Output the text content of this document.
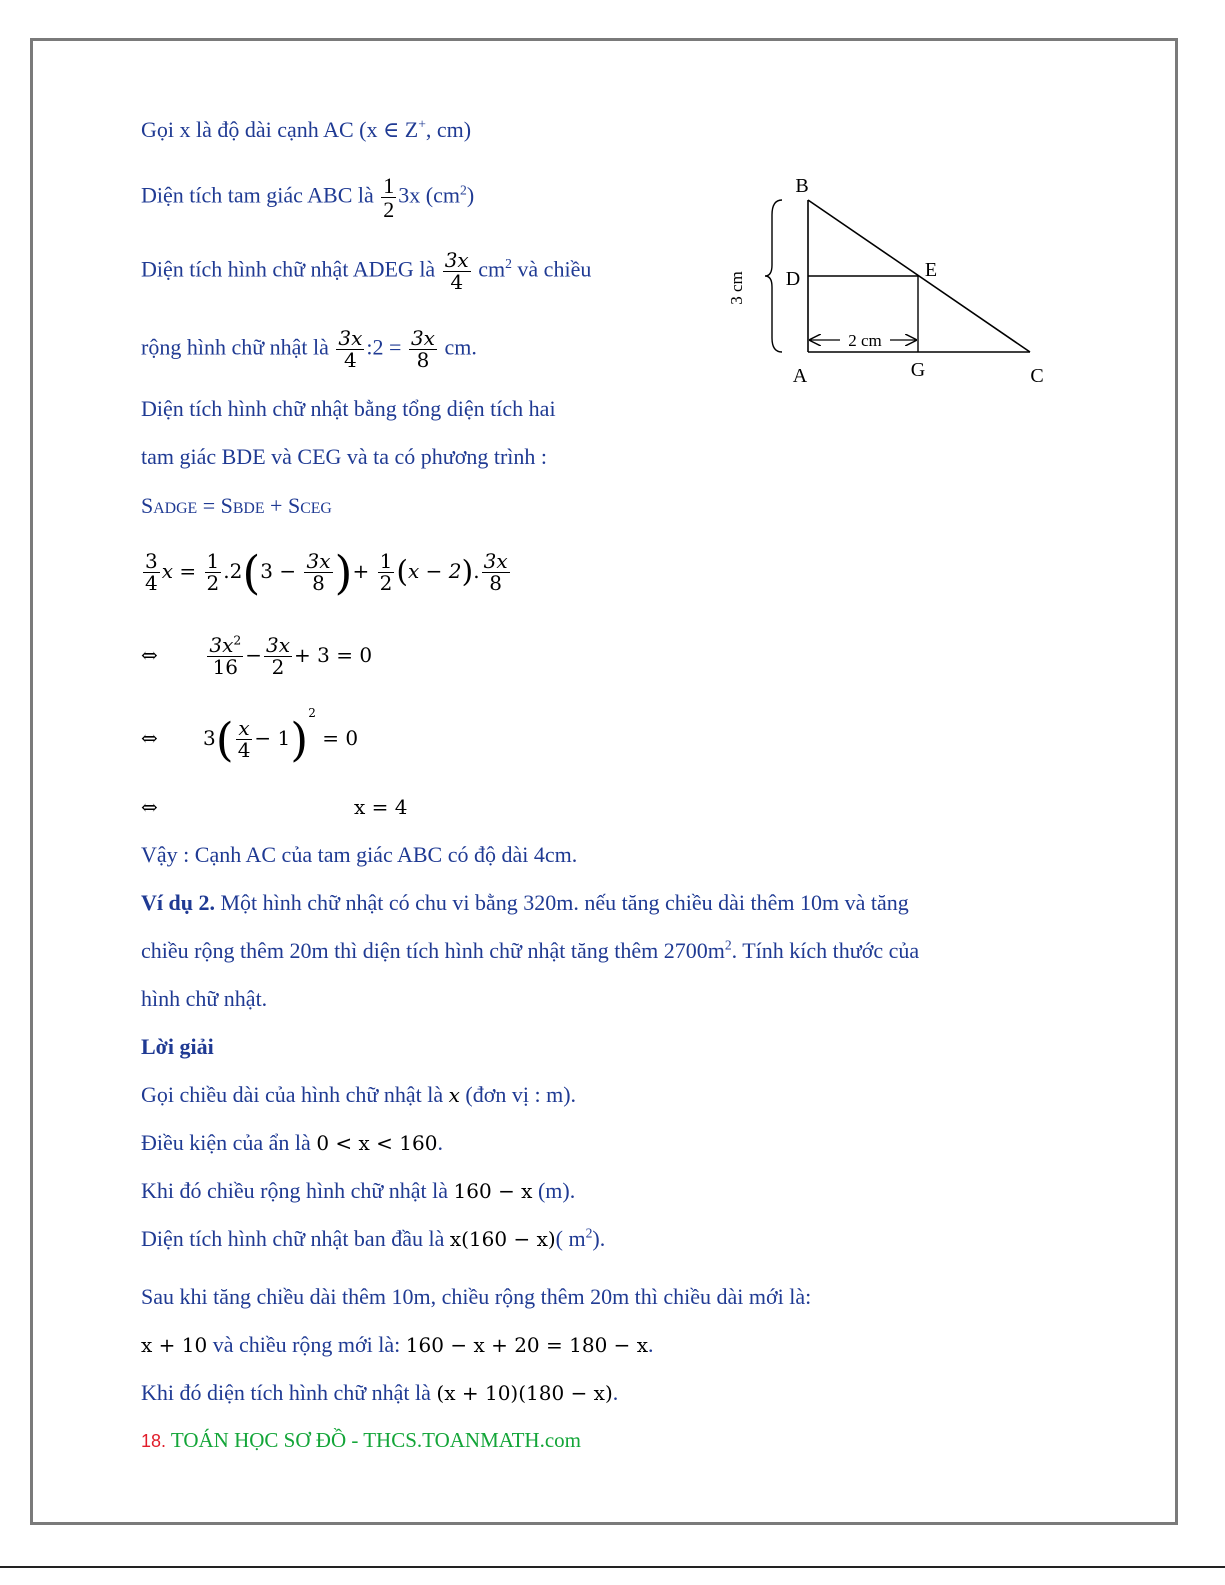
Gọi x là độ dài cạnh AC (x ∈ Z+, cm)
Diện tích tam giác ABC là $\frac{1}{2} 3x$ $(cm^2)$
Diện tích hình chữ nhật ADEG là $\frac{3x}{4} cm^2$ và chiều
rộng hình chữ nhật là $\frac{3x}{4}$ :2 = $\frac{3x}{8}$ cm.
Diện tích hình chữ nhật bằng tổng diện tích hai
tam giác BDE và CEG và ta có phương trình :
SADGE = SBDE + SCEG
$\frac{3}{4}$ $x = \frac{1}{2} .2(3 - \frac{3x}{8}$ )+ $\frac{1}{2} (x - 2)$. $\frac{3x}{8}$
⇔ $\frac{3x^2}{16} - \frac{3x}{2} + 3 = 0$
⇔ $3( \frac{x}{4} - 1)^2 = 0$
⇔	x = 4
Vậy : Cạnh AC của tam giác ABC có độ dài 4cm.
Ví dụ 2. Một hình chữ nhật có chu vi bằng 320m. nếu tăng chiều dài thêm 10m và tăng
chiều rộng thêm 20m thì diện tích hình chữ nhật tăng thêm $2700m^2$. Tính kích thước của
hình chữ nhật.
Lời giải
Gọi chiều dài của hình chữ nhật là x (đơn vị : m).
Điều kiện của ẩn là 0 < x < 160.
Khi đó chiều rộng hình chữ nhật là 160 − x (m).
Diện tích hình chữ nhật ban đầu là x(160 − x)( $m^2$).
Sau khi tăng chiều dài thêm 10m, chiều rộng thêm 20m thì chiều dài mới là:
x + 10 và chiều rộng mới là: 160 − x + 20 = 180 − x.
Khi đó diện tích hình chữ nhật là (x + 10)(180 − x).
18. TOÁN HỌC SƠ ĐỒ - THCS.TOANMATH.com
3 cm
2 cm
B
D	E
A	G	C
